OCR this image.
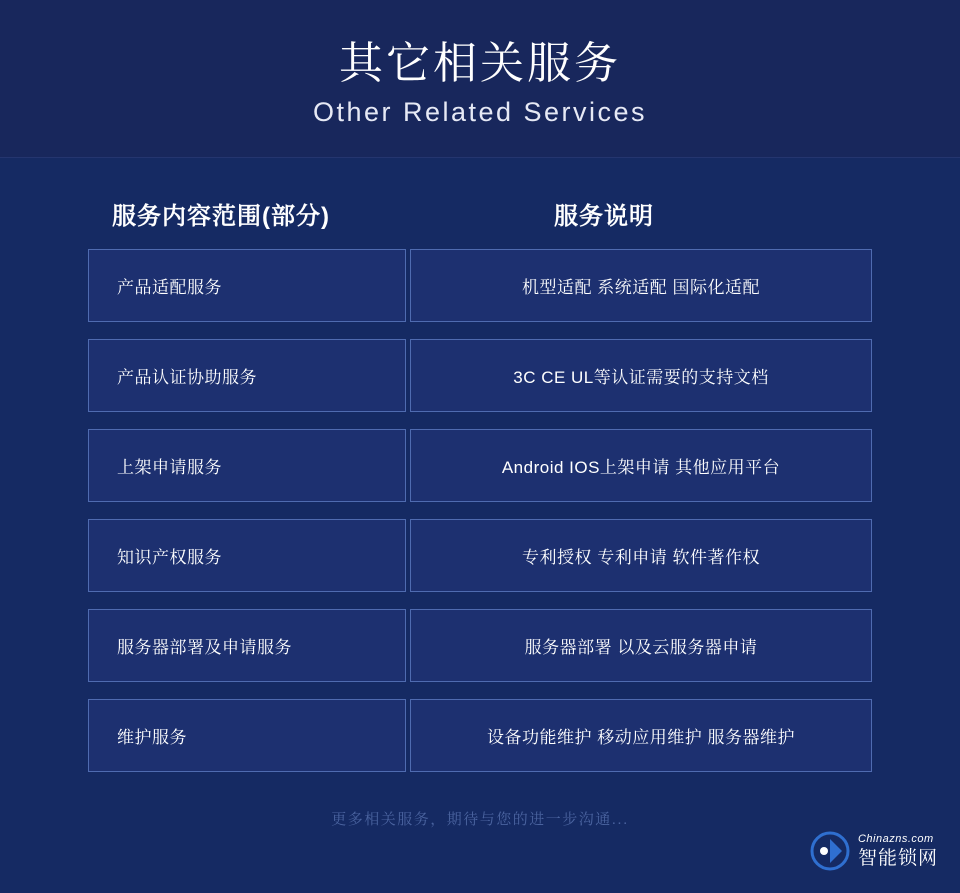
其它相关服务
Other Related Services
服务内容范围(部分)	服务说明
产品适配服务	机型适配 系统适配 国际化适配
产品认证协助服务	3C CE UL等认证需要的支持文档
上架申请服务	Android IOS上架申请 其他应用平台
知识产权服务	专利授权 专利申请 软件著作权
服务器部署及申请服务	服务器部署 以及云服务器申请
维护服务	设备功能维护 移动应用维护 服务器维护
更多相关服务，期待与您的进一步沟通...
Chinazns.com
智能锁网
